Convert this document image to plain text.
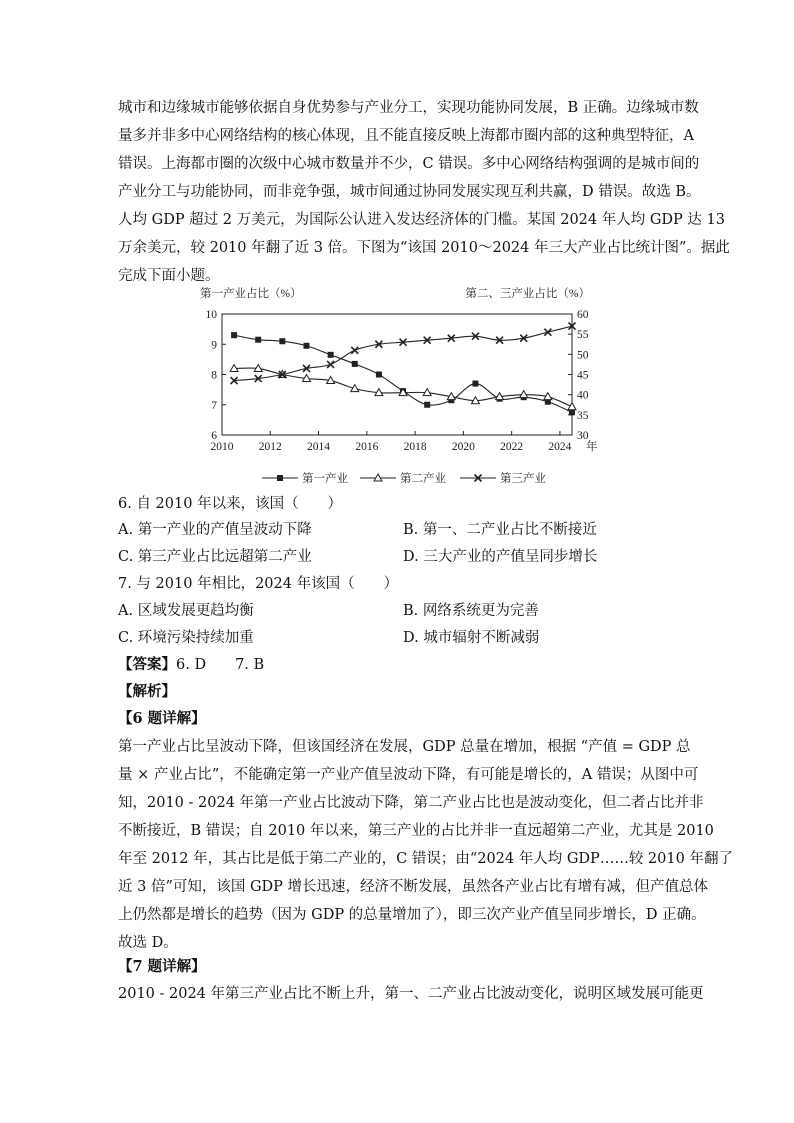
城市和边缘城市能够依据自身优势参与产业分工，实现功能协同发展，B 正确。边缘城市数
量多并非多中心网络结构的核心体现，且不能直接反映上海都市圈内部的这种典型特征，A
错误。上海都市圈的次级中心城市数量并不少，C 错误。多中心网络结构强调的是城市间的
产业分工与功能协同，而非竞争强，城市间通过协同发展实现互利共赢，D 错误。故选 B。
人均 GDP 超过 2 万美元，为国际公认进入发达经济体的门槛。某国 2024 年人均 GDP 达 13
万余美元，较 2010 年翻了近 3 倍。下图为“该国 2010～2024 年三大产业占比统计图”。据此
完成下面小题。
第一产业占比（%）	第二、三产业占比（%）
6
7
8
9
10
30
35
40
45
50
55
60
2010 2012 2014 2016 2018 2020 2022 2024 年
第一产业	第二产业	第三产业
6. 自 2010 年以来，该国（　　）
A. 第一产业的产值呈波动下降	B. 第一、二产业占比不断接近
C. 第三产业占比远超第二产业	D. 三大产业的产值呈同步增长
7. 与 2010 年相比，2024 年该国（　　）
A. 区域发展更趋均衡	B. 网络系统更为完善
C. 环境污染持续加重	D. 城市辐射不断减弱
【答案】6. D　　7. B
【解析】
【6 题详解】
第一产业占比呈波动下降，但该国经济在发展，GDP 总量在增加，根据 “产值 = GDP 总
量 × 产业占比”，不能确定第一产业产值呈波动下降，有可能是增长的，A 错误；从图中可
知，2010 - 2024 年第一产业占比波动下降，第二产业占比也是波动变化，但二者占比并非
不断接近，B 错误；自 2010 年以来，第三产业的占比并非一直远超第二产业，尤其是 2010
年至 2012 年，其占比是低于第二产业的，C 错误；由“2024 年人均 GDP……较 2010 年翻了
近 3 倍”可知，该国 GDP 增长迅速，经济不断发展，虽然各产业占比有增有减，但产值总体
上仍然都是增长的趋势（因为 GDP 的总量增加了），即三次产业产值呈同步增长，D 正确。
故选 D。
【7 题详解】
2010 - 2024 年第三产业占比不断上升，第一、二产业占比波动变化，说明区域发展可能更
